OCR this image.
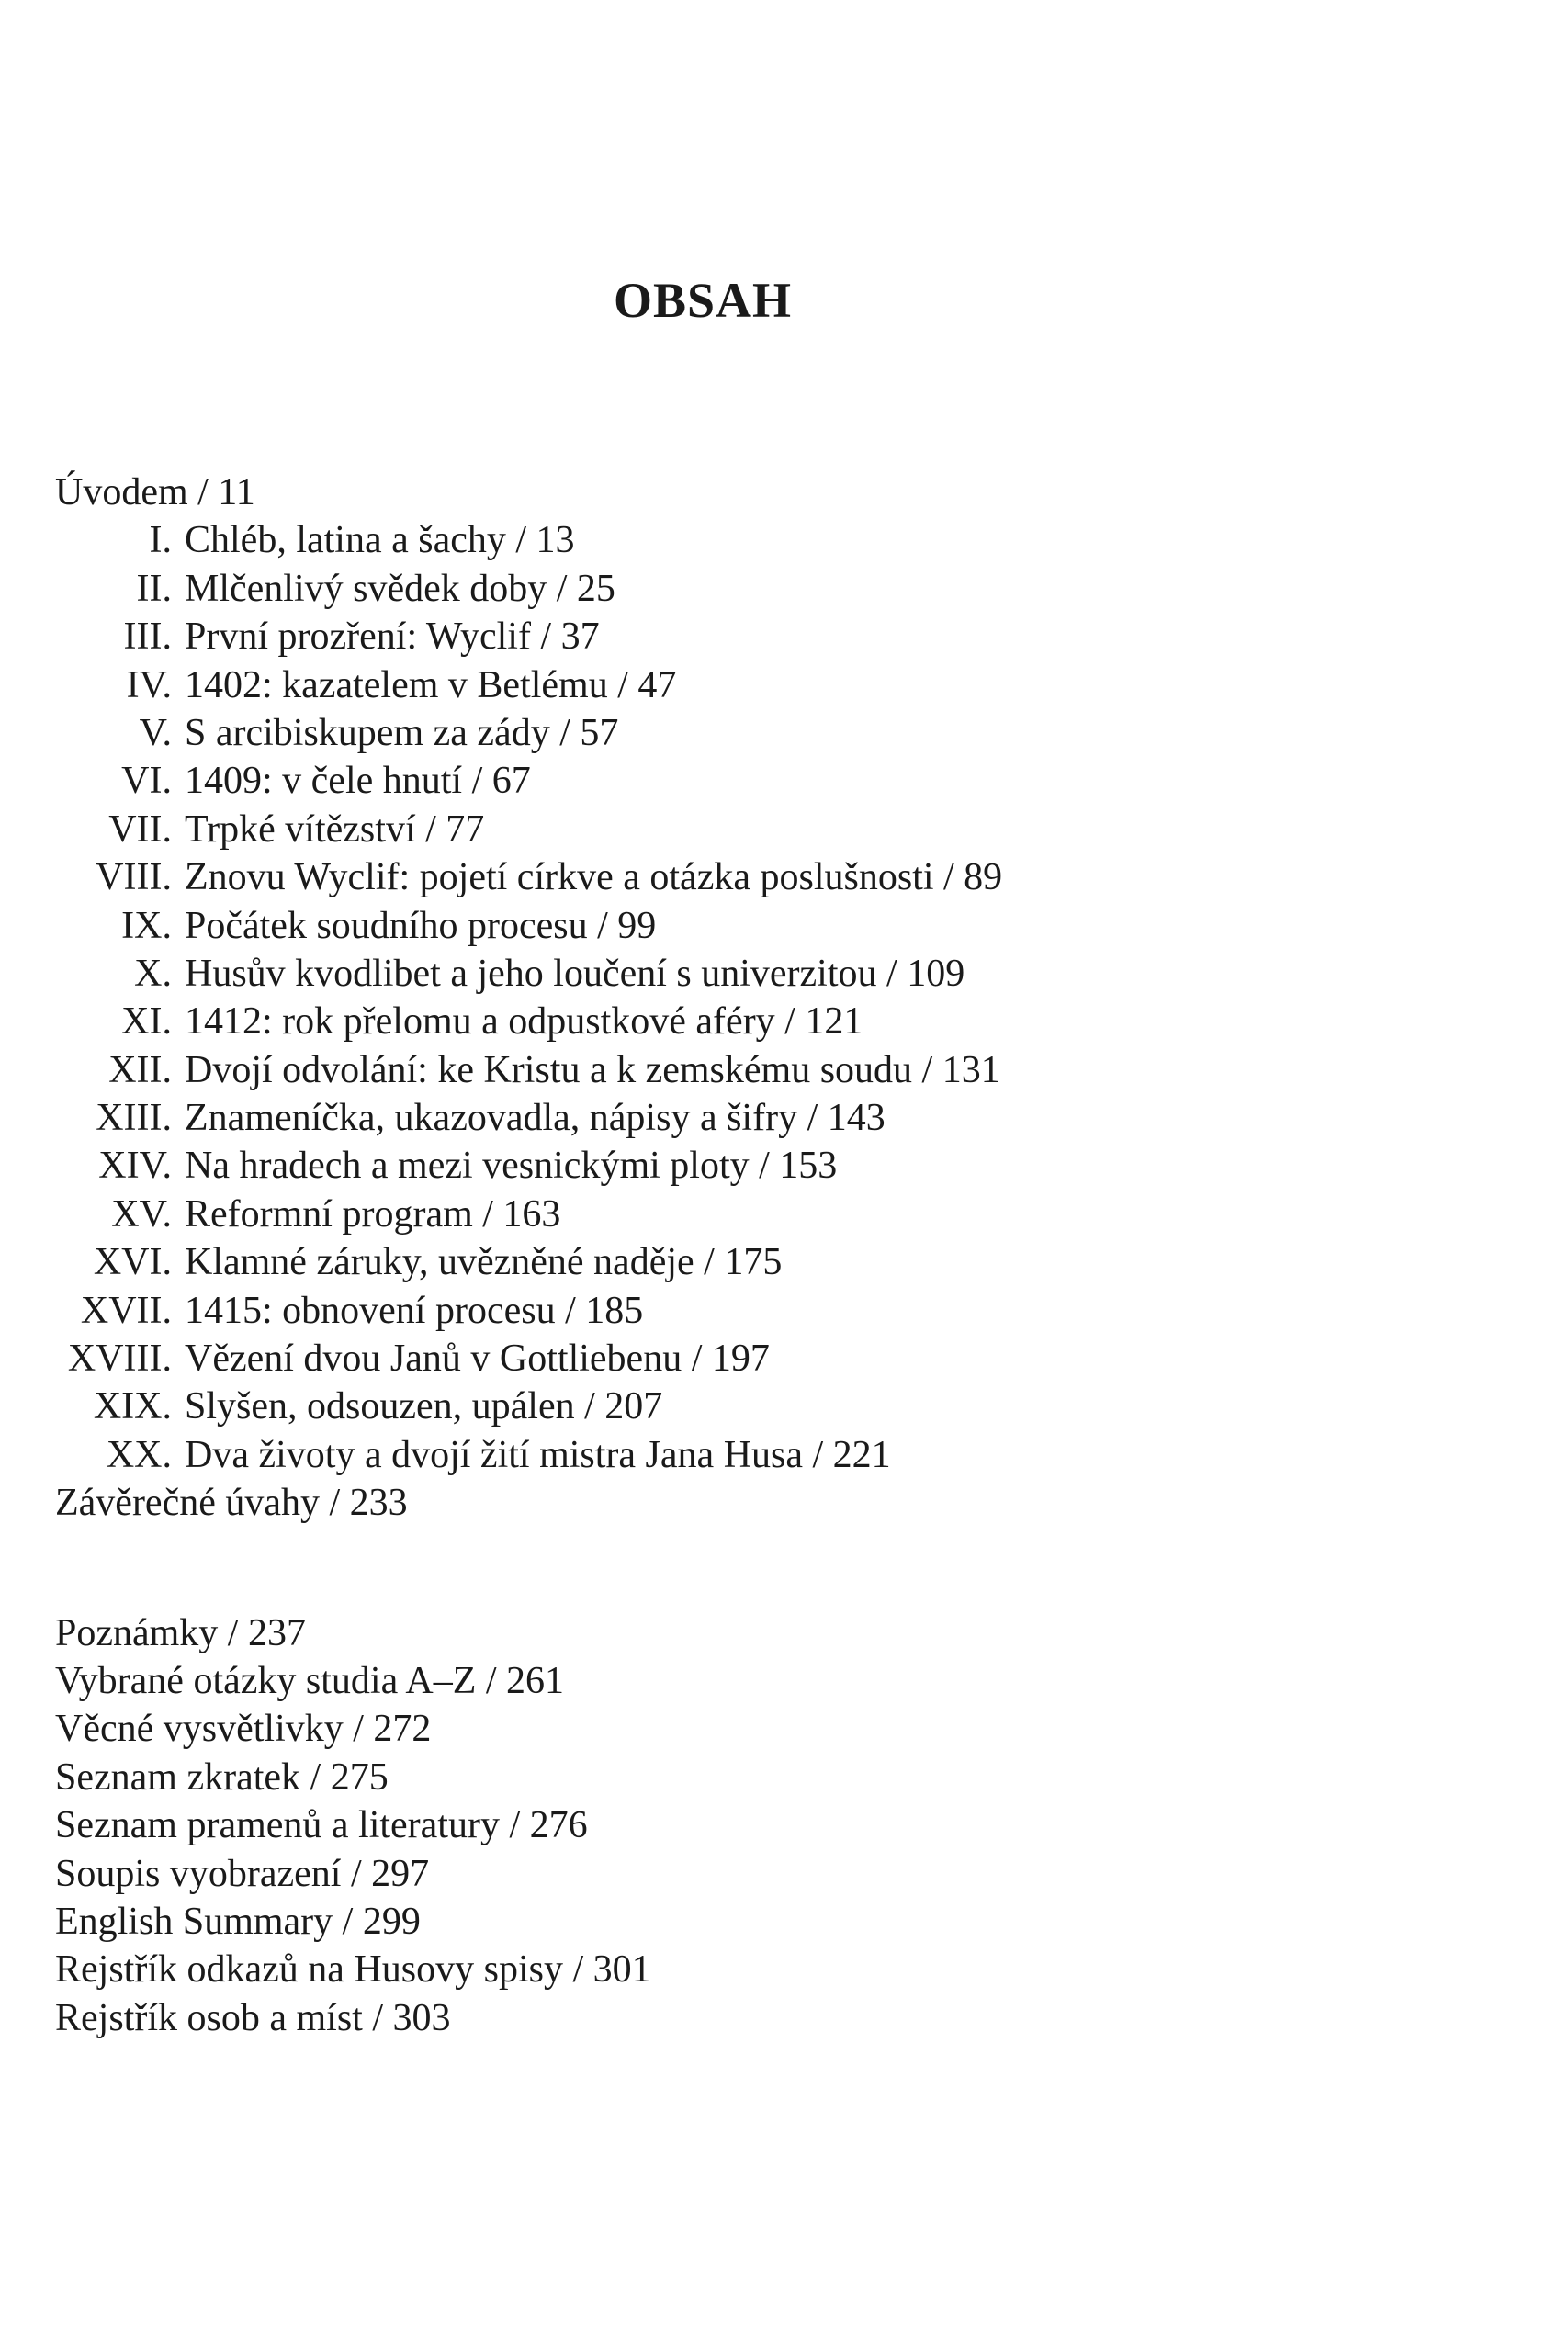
OBSAH
Úvodem / 11
I. Chléb, latina a šachy / 13
II. Mlčenlivý svědek doby / 25
III. První prozření: Wyclif / 37
IV. 1402: kazatelem v Betlému / 47
V. S arcibiskupem za zády / 57
VI. 1409: v čele hnutí / 67
VII. Trpké vítězství / 77
VIII. Znovu Wyclif: pojetí církve a otázka poslušnosti / 89
IX. Počátek soudního procesu / 99
X. Husův kvodlibet a jeho loučení s univerzitou / 109
XI. 1412: rok přelomu a odpustkové aféry / 121
XII. Dvojí odvolání: ke Kristu a k zemskému soudu / 131
XIII. Znameníčka, ukazovadla, nápisy a šifry / 143
XIV. Na hradech a mezi vesnickými ploty / 153
XV. Reformní program / 163
XVI. Klamné záruky, uvězněné naděje / 175
XVII. 1415: obnovení procesu / 185
XVIII. Vězení dvou Janů v Gottliebenu / 197
XIX. Slyšen, odsouzen, upálen / 207
XX. Dva životy a dvojí žití mistra Jana Husa / 221
Závěrečné úvahy / 233
Poznámky / 237
Vybrané otázky studia A–Z / 261
Věcné vysvětlivky / 272
Seznam zkratek / 275
Seznam pramenů a literatury / 276
Soupis vyobrazení / 297
English Summary / 299
Rejstřík odkazů na Husovy spisy / 301
Rejstřík osob a míst / 303
